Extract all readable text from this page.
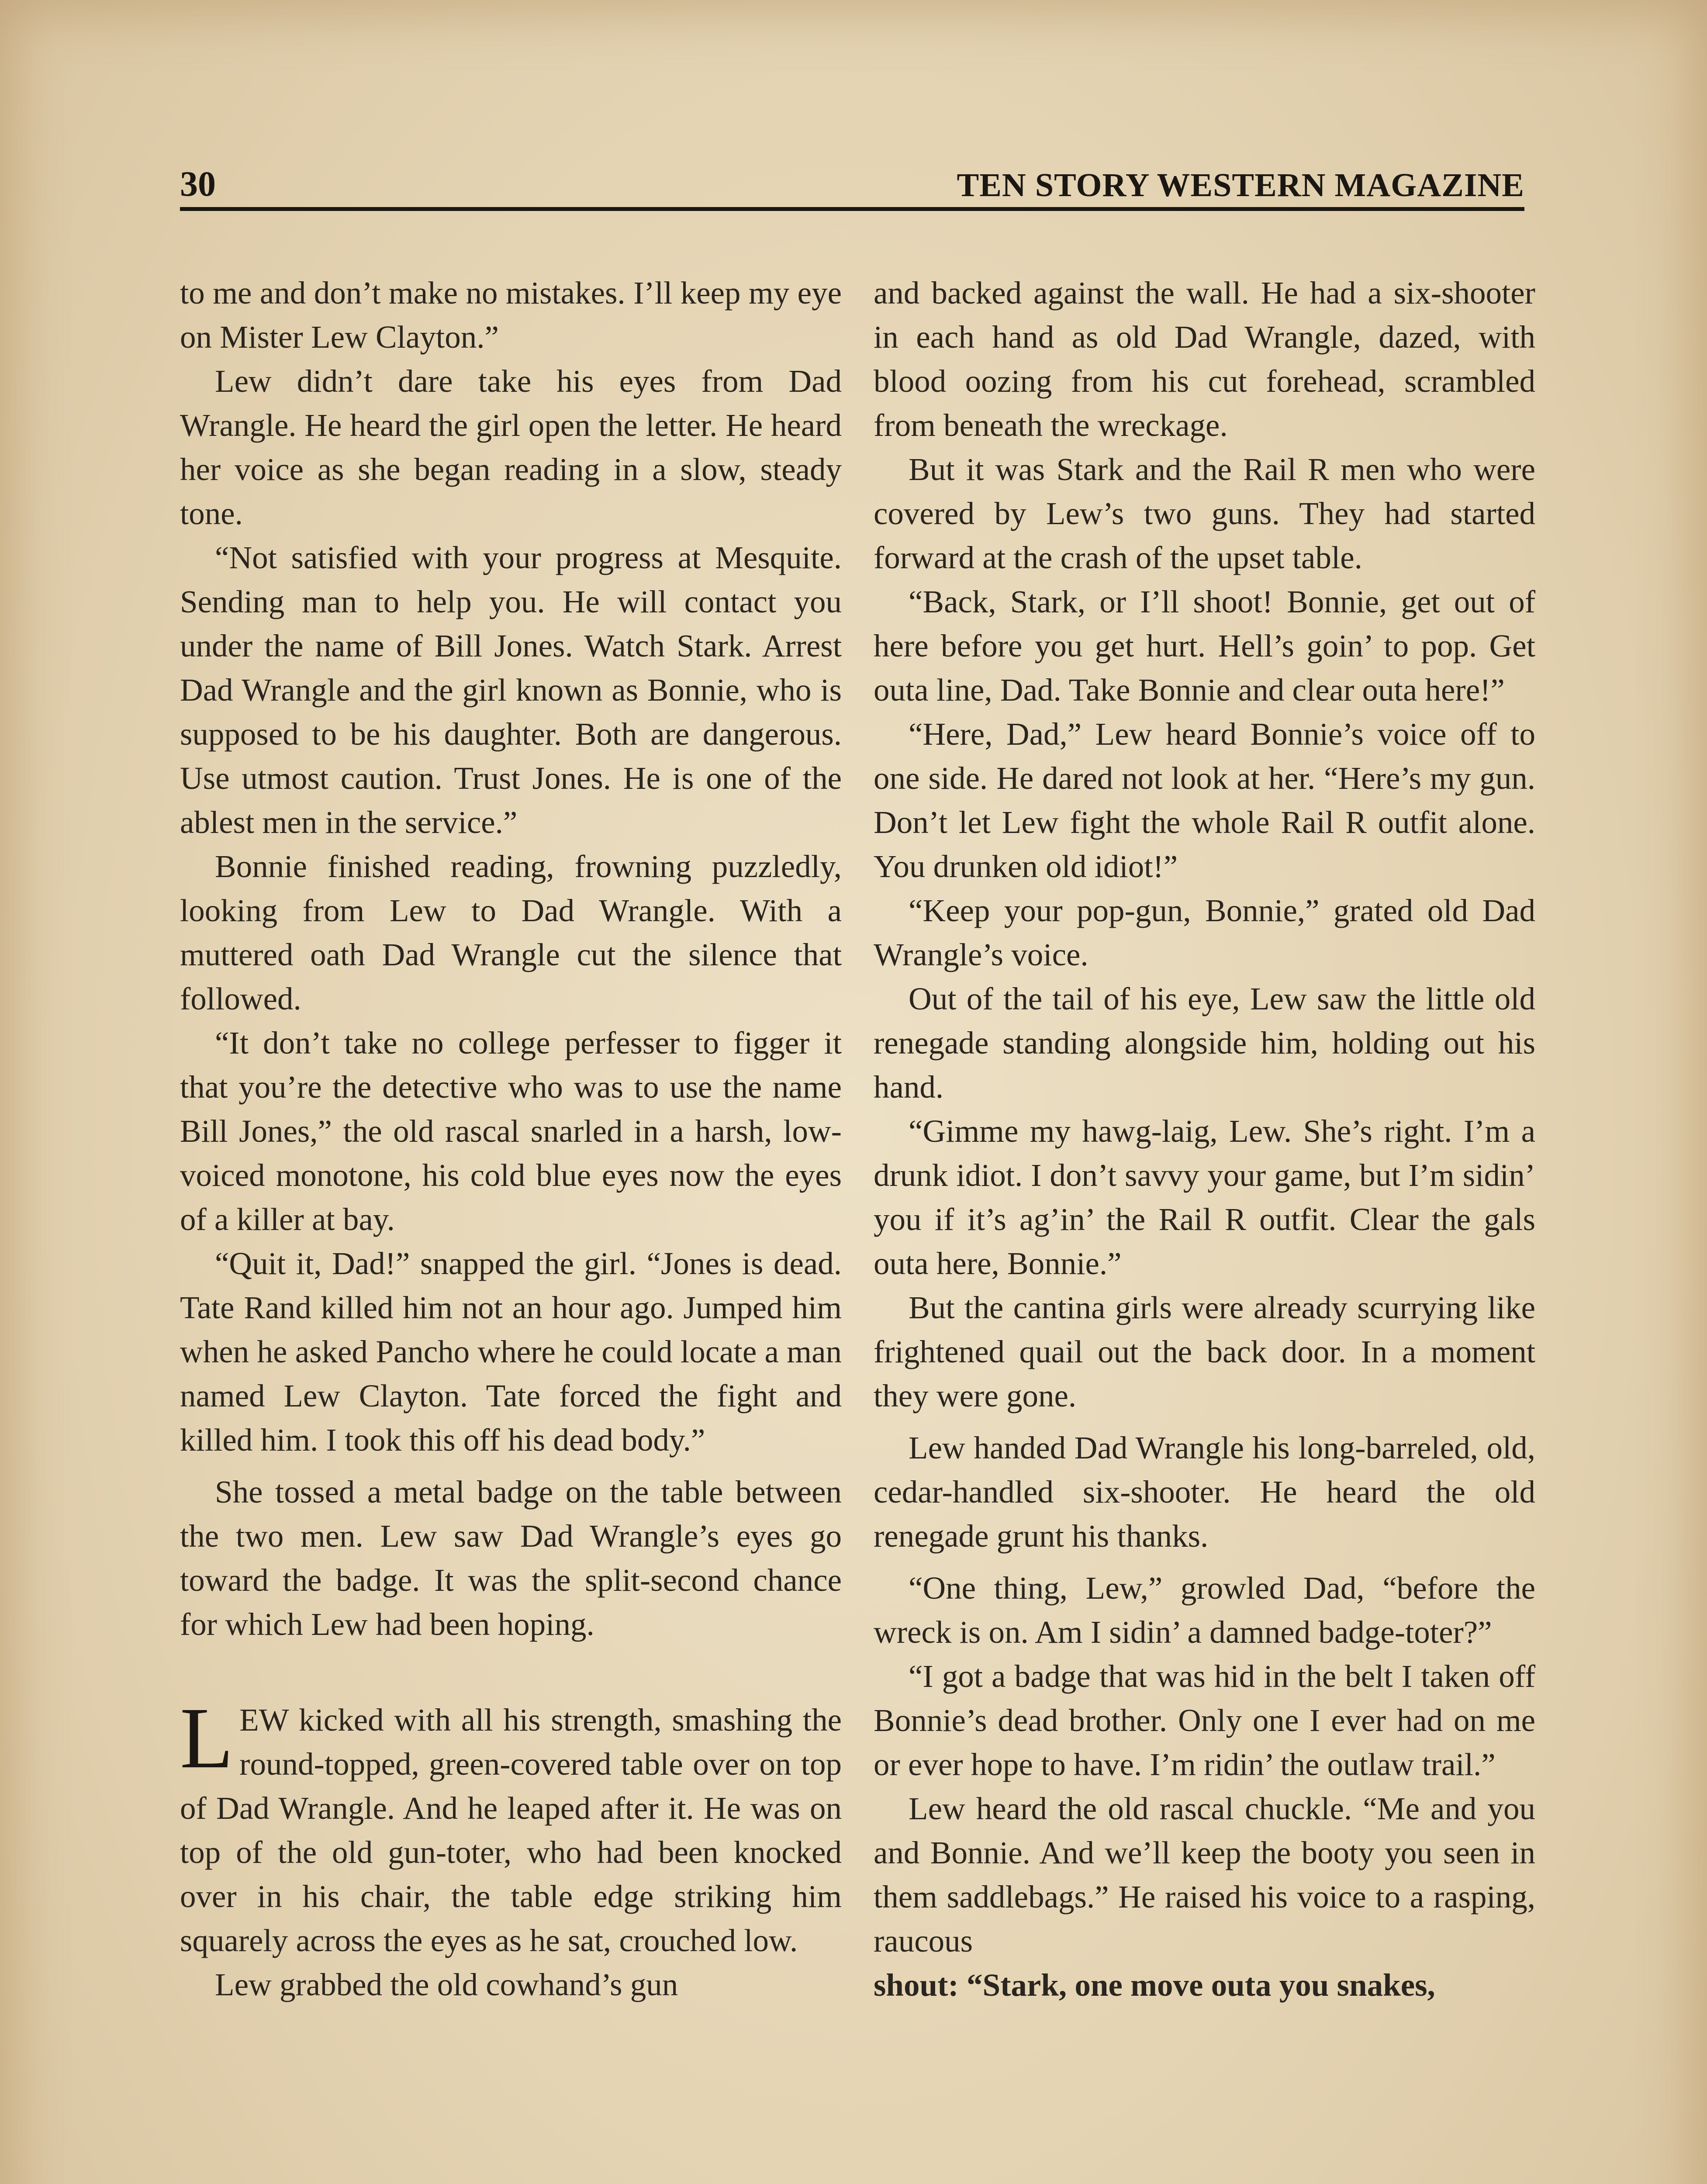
30	TEN STORY WESTERN MAGAZINE

to me and don’t make no mistakes. I’ll keep my eye on Mister Lew Clayton.”

Lew didn’t dare take his eyes from Dad Wrangle. He heard the girl open the letter. He heard her voice as she began reading in a slow, steady tone.

“Not satisfied with your progress at Mesquite. Sending man to help you. He will contact you under the name of Bill Jones. Watch Stark. Arrest Dad Wrangle and the girl known as Bonnie, who is supposed to be his daughter. Both are dangerous. Use utmost caution. Trust Jones. He is one of the ablest men in the service.”

Bonnie finished reading, frowning puzzledly, looking from Lew to Dad Wrangle. With a muttered oath Dad Wrangle cut the silence that followed.

“It don’t take no college perfesser to figger it that you’re the detective who was to use the name Bill Jones,” the old rascal snarled in a harsh, low-voiced monotone, his cold blue eyes now the eyes of a killer at bay.

“Quit it, Dad!” snapped the girl. “Jones is dead. Tate Rand killed him not an hour ago. Jumped him when he asked Pancho where he could locate a man named Lew Clayton. Tate forced the fight and killed him. I took this off his dead body.”

She tossed a metal badge on the table between the two men. Lew saw Dad Wrangle’s eyes go toward the badge. It was the split-second chance for which Lew had been hoping.

LEW kicked with all his strength, smashing the round-topped, green-covered table over on top of Dad Wrangle. And he leaped after it. He was on top of the old gun-toter, who had been knocked over in his chair, the table edge striking him squarely across the eyes as he sat, crouched low.

Lew grabbed the old cowhand’s gun

and backed against the wall. He had a six-shooter in each hand as old Dad Wrangle, dazed, with blood oozing from his cut forehead, scrambled from beneath the wreckage.

But it was Stark and the Rail R men who were covered by Lew’s two guns. They had started forward at the crash of the upset table.

“Back, Stark, or I’ll shoot! Bonnie, get out of here before you get hurt. Hell’s goin’ to pop. Get outa line, Dad. Take Bonnie and clear outa here!”

“Here, Dad,” Lew heard Bonnie’s voice off to one side. He dared not look at her. “Here’s my gun. Don’t let Lew fight the whole Rail R outfit alone. You drunken old idiot!”

“Keep your pop-gun, Bonnie,” grated old Dad Wrangle’s voice.

Out of the tail of his eye, Lew saw the little old renegade standing alongside him, holding out his hand.

“Gimme my hawg-laig, Lew. She’s right. I’m a drunk idiot. I don’t savvy your game, but I’m sidin’ you if it’s ag’in’ the Rail R outfit. Clear the gals outa here, Bonnie.”

But the cantina girls were already scurrying like frightened quail out the back door. In a moment they were gone.

Lew handed Dad Wrangle his long-barreled, old, cedar-handled six-shooter. He heard the old renegade grunt his thanks.

“One thing, Lew,” growled Dad, “before the wreck is on. Am I sidin’ a damned badge-toter?”

“I got a badge that was hid in the belt I taken off Bonnie’s dead brother. Only one I ever had on me or ever hope to have. I’m ridin’ the outlaw trail.”

Lew heard the old rascal chuckle. “Me and you and Bonnie. And we’ll keep the booty you seen in them saddlebags.” He raised his voice to a rasping, raucous

shout: “Stark, one move outa you snakes,
